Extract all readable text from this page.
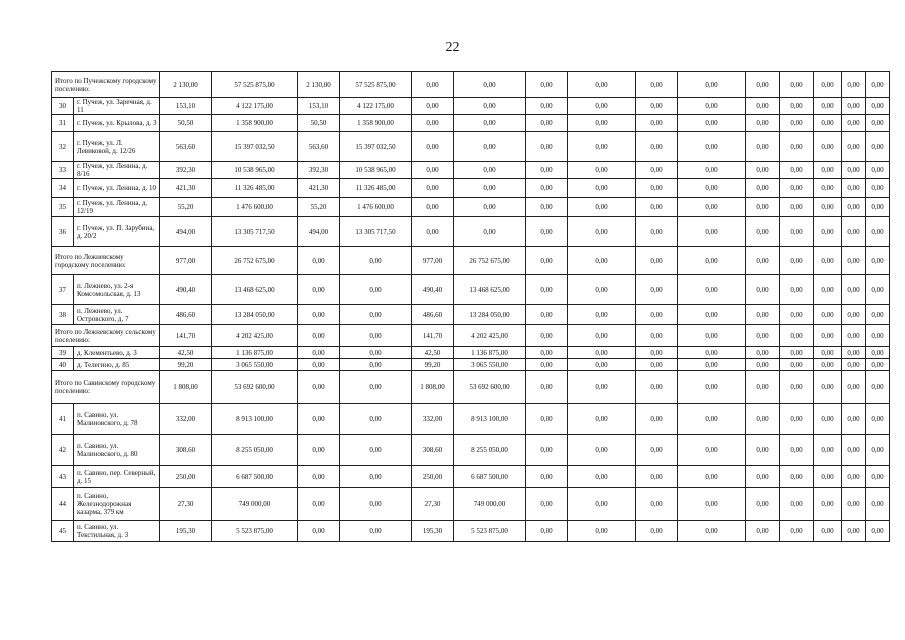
22
Итого по Пучежскому городскому поселению:		2 130,00	57 525 875,00	2 130,00	57 525 875,00	0,00	0,00	0,00	0,00	0,00	0,00	0,00	0,00	0,00	0,00	0,00
30	г. Пучеж, ул. Заречная, д. 11	153,10	4 122 175,00	153,10	4 122 175,00	0,00	0,00	0,00	0,00	0,00	0,00	0,00	0,00	0,00	0,00	0,00
31	г. Пучеж, ул. Крылова, д. 3	50,50	1 358 900,00	50,50	1 358 900,00	0,00	0,00	0,00	0,00	0,00	0,00	0,00	0,00	0,00	0,00	0,00
32	г. Пучеж, ул. Л. Левиковой, д. 12/26	563,60	15 397 032,50	563,60	15 397 032,50	0,00	0,00	0,00	0,00	0,00	0,00	0,00	0,00	0,00	0,00	0,00
33	г. Пучеж, ул. Ленина, д. 8/16	392,30	10 538 965,00	392,30	10 538 965,00	0,00	0,00	0,00	0,00	0,00	0,00	0,00	0,00	0,00	0,00	0,00
34	г. Пучеж, ул. Ленина, д. 10	421,30	11 326 485,00	421,30	11 326 485,00	0,00	0,00	0,00	0,00	0,00	0,00	0,00	0,00	0,00	0,00	0,00
35	г. Пучеж, ул. Ленина, д. 12/19	55,20	1 476 600,00	55,20	1 476 600,00	0,00	0,00	0,00	0,00	0,00	0,00	0,00	0,00	0,00	0,00	0,00
36	г. Пучеж, ул. П. Зарубина, д. 20/2	494,00	13 305 717,50	494,00	13 305 717,50	0,00	0,00	0,00	0,00	0,00	0,00	0,00	0,00	0,00	0,00	0,00
Итого по Лежневскому городскому поселению:		977,00	26 752 675,00	0,00	0,00	977,00	26 752 675,00	0,00	0,00	0,00	0,00	0,00	0,00	0,00	0,00	0,00
37	п. Лежнево, ул. 2-я Комсомольская, д. 13	490,40	13 468 625,00	0,00	0,00	490,40	13 468 625,00	0,00	0,00	0,00	0,00	0,00	0,00	0,00	0,00	0,00
38	п. Лежнево, ул. Островского, д. 7	486,60	13 284 050,00	0,00	0,00	486,60	13 284 050,00	0,00	0,00	0,00	0,00	0,00	0,00	0,00	0,00	0,00
Итого по Лежневскому сельскому поселению:		141,70	4 202 425,00	0,00	0,00	141,70	4 202 425,00	0,00	0,00	0,00	0,00	0,00	0,00	0,00	0,00	0,00
39	д. Клементьево, д. 3	42,50	1 136 875,00	0,00	0,00	42,50	1 136 875,00	0,00	0,00	0,00	0,00	0,00	0,00	0,00	0,00	0,00
40	д. Телегино, д. 85	99,20	3 065 550,00	0,00	0,00	99,20	3 065 550,00	0,00	0,00	0,00	0,00	0,00	0,00	0,00	0,00	0,00
Итого по Савинскому городскому поселению:		1 808,00	53 692 600,00	0,00	0,00	1 808,00	53 692 600,00	0,00	0,00	0,00	0,00	0,00	0,00	0,00	0,00	0,00
41	п. Савино, ул. Малиновского, д. 78	332,00	8 913 100,00	0,00	0,00	332,00	8 913 100,00	0,00	0,00	0,00	0,00	0,00	0,00	0,00	0,00	0,00
42	п. Савино, ул. Малиновского, д. 80	308,60	8 255 050,00	0,00	0,00	308,60	8 255 050,00	0,00	0,00	0,00	0,00	0,00	0,00	0,00	0,00	0,00
43	п. Савино, пер. Северный, д. 15	250,00	6 687 500,00	0,00	0,00	250,00	6 687 500,00	0,00	0,00	0,00	0,00	0,00	0,00	0,00	0,00	0,00
44	п. Савино, Железнодорожная казарма, 379 км	27,30	749 000,00	0,00	0,00	27,30	749 000,00	0,00	0,00	0,00	0,00	0,00	0,00	0,00	0,00	0,00
45	п. Савино, ул. Текстильная, д. 3	195,30	5 523 875,00	0,00	0,00	195,30	5 523 875,00	0,00	0,00	0,00	0,00	0,00	0,00	0,00	0,00	0,00
